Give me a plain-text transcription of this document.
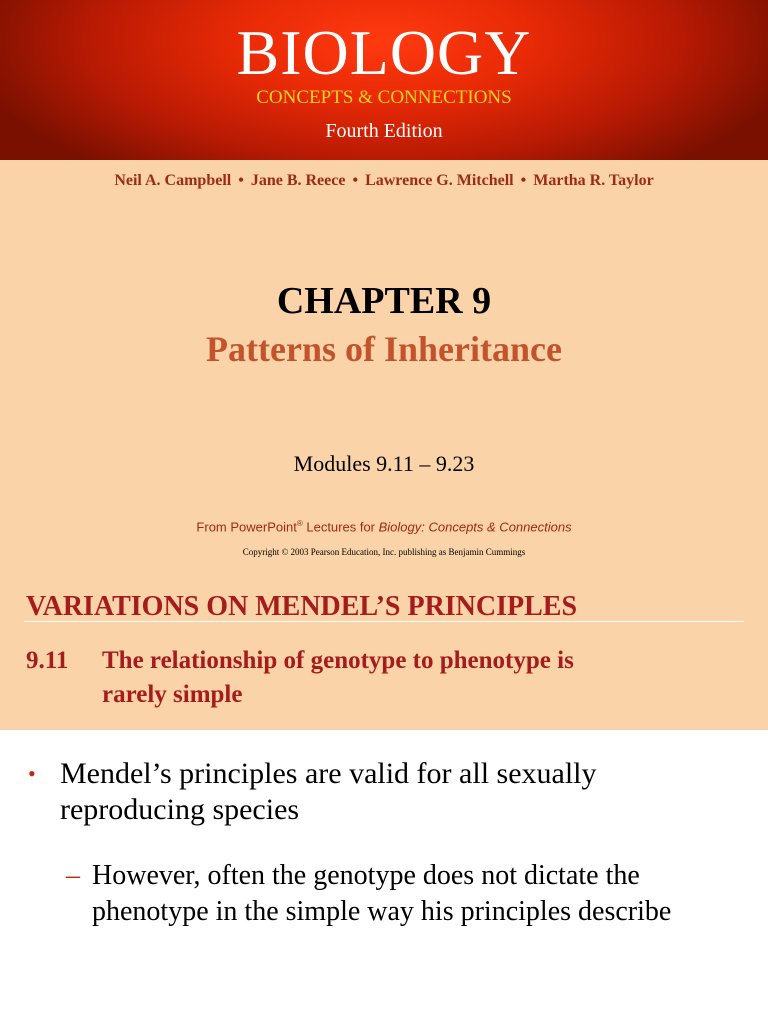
BIOLOGY
CONCEPTS & CONNECTIONS
Fourth Edition
Neil A. Campbell • Jane B. Reece • Lawrence G. Mitchell • Martha R. Taylor
CHAPTER 9
Patterns of Inheritance
Modules 9.11 – 9.23
From PowerPoint® Lectures for Biology: Concepts & Connections
Copyright © 2003 Pearson Education, Inc. publishing as Benjamin Cummings
VARIATIONS ON MENDEL’S PRINCIPLES
9.11 The relationship of genotype to phenotype is
rarely simple
• Mendel’s principles are valid for all sexually reproducing species
– However, often the genotype does not dictate the phenotype in the simple way his principles describe
